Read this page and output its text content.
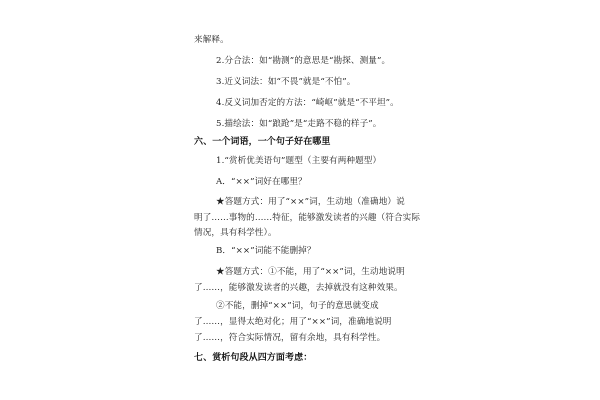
来解释。
2.分合法：如“勘测”的意思是“勘探、测量”。
3.近义词法：如“不畏”就是“不怕”。
4.反义词加否定的方法：“崎岖”就是“不平坦”。
5.描绘法：如“踉跄”是“走路不稳的样子”。
六、一个词语，一个句子好在哪里
1.“赏析优美语句”题型（主要有两种题型）
A．“××”词好在哪里？
★答题方式：用了“××”词，生动地（准确地）说
明了……事物的……特征，能够激发读者的兴趣（符合实际
情况，具有科学性）。
B．“××”词能不能删掉？
★答题方式：①不能，用了“××”词，生动地说明
了……，能够激发读者的兴趣，去掉就没有这种效果。
②不能，删掉“××”词，句子的意思就变成
了……，显得太绝对化；用了“××”词，准确地说明
了……，符合实际情况，留有余地，具有科学性。
七、赏析句段从四方面考虑：
